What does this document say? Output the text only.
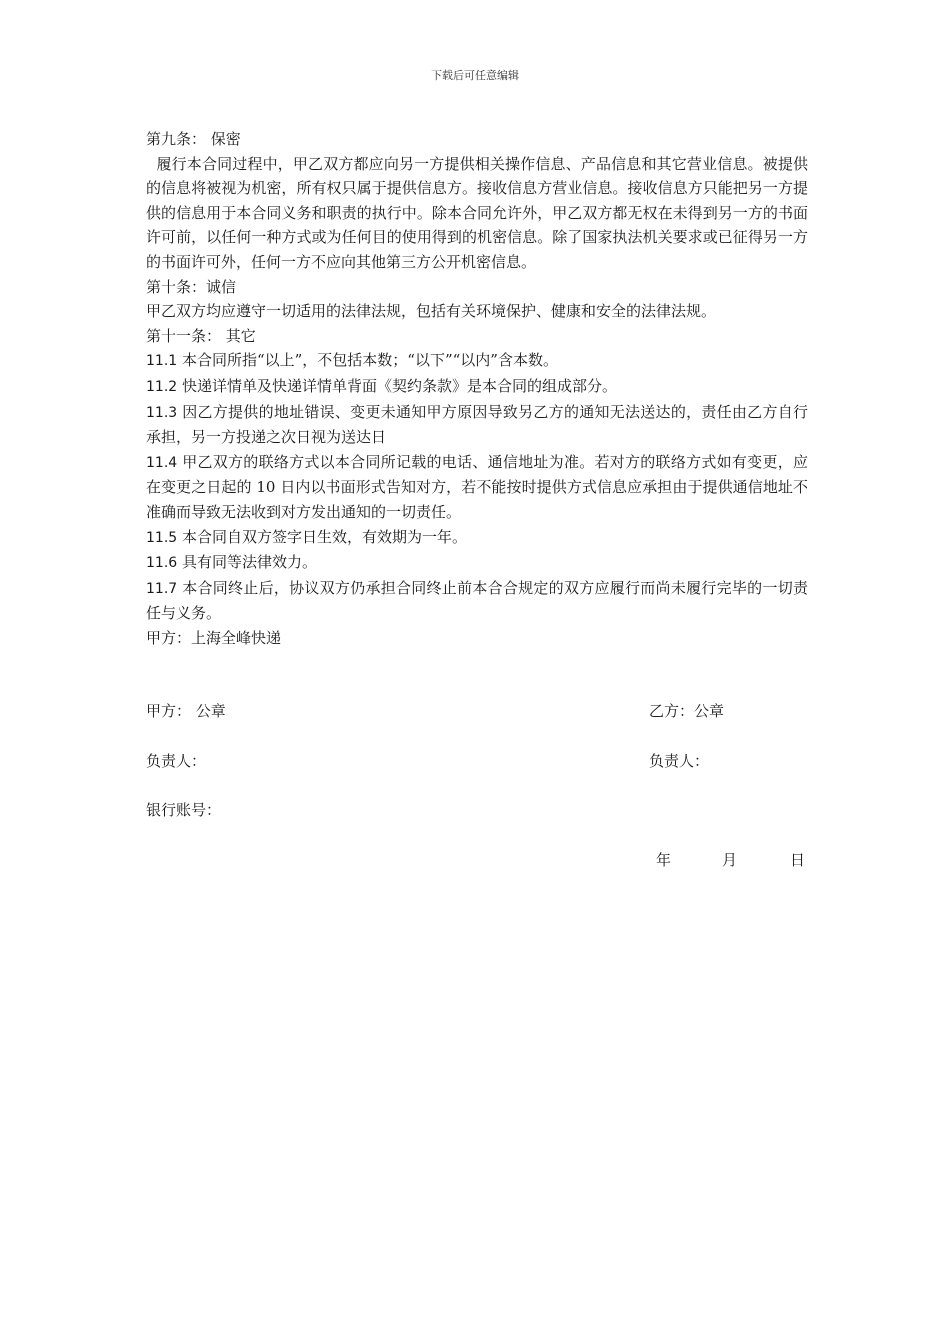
下载后可任意编辑

第九条： 保密

履行本合同过程中，甲乙双方都应向另一方提供相关操作信息、产品信息和其它营业信息。被提供的信息将被视为机密，所有权只属于提供信息方。接收信息方营业信息。接收信息方只能把另一方提供的信息用于本合同义务和职责的执行中。除本合同允许外，甲乙双方都无权在未得到另一方的书面许可前，以任何一种方式或为任何目的使用得到的机密信息。除了国家执法机关要求或已征得另一方的书面许可外，任何一方不应向其他第三方公开机密信息。

第十条：诚信

甲乙双方均应遵守一切适用的法律法规，包括有关环境保护、健康和安全的法律法规。

第十一条： 其它

11.1 本合同所指“以上”，不包括本数；“以下”“以内”含本数。

11.2 快递详情单及快递详情单背面《契约条款》是本合同的组成部分。

11.3 因乙方提供的地址错误、变更未通知甲方原因导致另乙方的通知无法送达的，责任由乙方自行承担，另一方投递之次日视为送达日

11.4 甲乙双方的联络方式以本合同所记载的电话、通信地址为准。若对方的联络方式如有变更，应在变更之日起的 10 日内以书面形式告知对方，若不能按时提供方式信息应承担由于提供通信地址不准确而导致无法收到对方发出通知的一切责任。

11.5 本合同自双方签字日生效，有效期为一年。

11.6 具有同等法律效力。

11.7 本合同终止后，协议双方仍承担合同终止前本合合规定的双方应履行而尚未履行完毕的一切责任与义务。

甲方：上海全峰快递

甲方： 公章	乙方：公章
负责人：	负责人：
银行账号：
年	月	日
